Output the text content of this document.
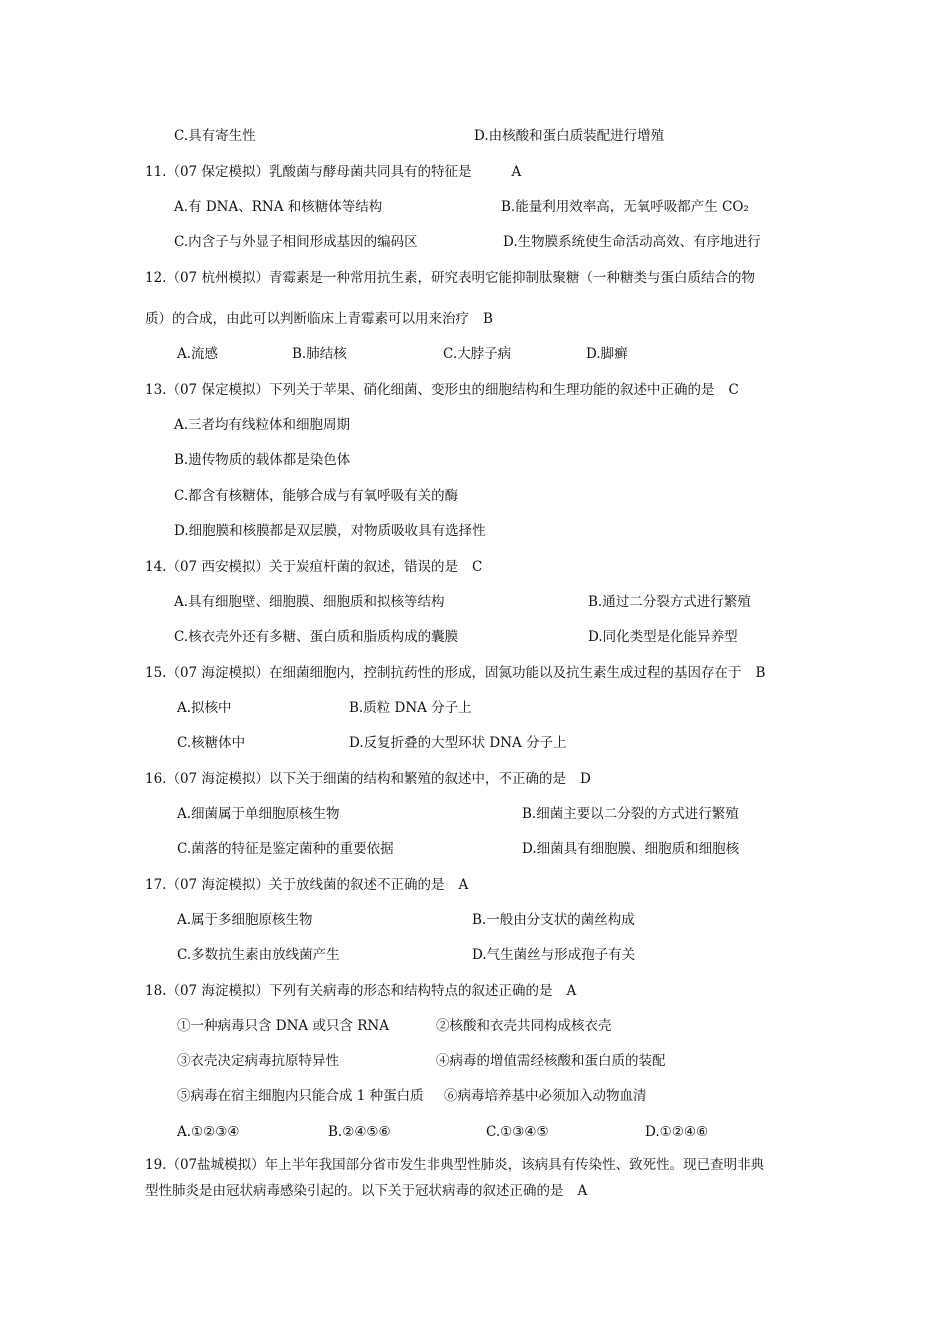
C.具有寄生性	D.由核酸和蛋白质装配进行增殖
11.（07 保定模拟）乳酸菌与酵母菌共同具有的特征是	A
A.有 DNA、RNA 和核糖体等结构	B.能量利用效率高，无氧呼吸都产生 CO₂
C.内含子与外显子相间形成基因的编码区	D.生物膜系统使生命活动高效、有序地进行
12.（07 杭州模拟）青霉素是一种常用抗生素，研究表明它能抑制肽聚糖（一种糖类与蛋白质结合的物
质）的合成，由此可以判断临床上青霉素可以用来治疗 B
A.流感	B.肺结核	C.大脖子病	D.脚癣
13.（07 保定模拟）下列关于苹果、硝化细菌、变形虫的细胞结构和生理功能的叙述中正确的是 C
A.三者均有线粒体和细胞周期
B.遗传物质的载体都是染色体
C.都含有核糖体，能够合成与有氧呼吸有关的酶
D.细胞膜和核膜都是双层膜，对物质吸收具有选择性
14.（07 西安模拟）关于炭疽杆菌的叙述，错误的是 C
A.具有细胞壁、细胞膜、细胞质和拟核等结构	B.通过二分裂方式进行繁殖
C.核衣壳外还有多糖、蛋白质和脂质构成的囊膜	D.同化类型是化能异养型
15.（07 海淀模拟）在细菌细胞内，控制抗药性的形成，固氮功能以及抗生素生成过程的基因存在于 B
A.拟核中	B.质粒 DNA 分子上
C.核糖体中	D.反复折叠的大型环状 DNA 分子上
16.（07 海淀模拟）以下关于细菌的结构和繁殖的叙述中，不正确的是 D
A.细菌属于单细胞原核生物	B.细菌主要以二分裂的方式进行繁殖
C.菌落的特征是鉴定菌种的重要依据	D.细菌具有细胞膜、细胞质和细胞核
17.（07 海淀模拟）关于放线菌的叙述不正确的是 A
A.属于多细胞原核生物	B.一般由分支状的菌丝构成
C.多数抗生素由放线菌产生	D.气生菌丝与形成孢子有关
18.（07 海淀模拟）下列有关病毒的形态和结构特点的叙述正确的是 A
①一种病毒只含 DNA 或只含 RNA	②核酸和衣壳共同构成核衣壳
③衣壳决定病毒抗原特异性	④病毒的增值需经核酸和蛋白质的装配
⑤病毒在宿主细胞内只能合成 1 种蛋白质 ⑥病毒培养基中必须加入动物血清
A.①②③④	B.②④⑤⑥	C.①③④⑤	D.①②④⑥
19.（07盐城模拟）年上半年我国部分省市发生非典型性肺炎，该病具有传染性、致死性。现已查明非典
型性肺炎是由冠状病毒感染引起的。以下关于冠状病毒的叙述正确的是 A
